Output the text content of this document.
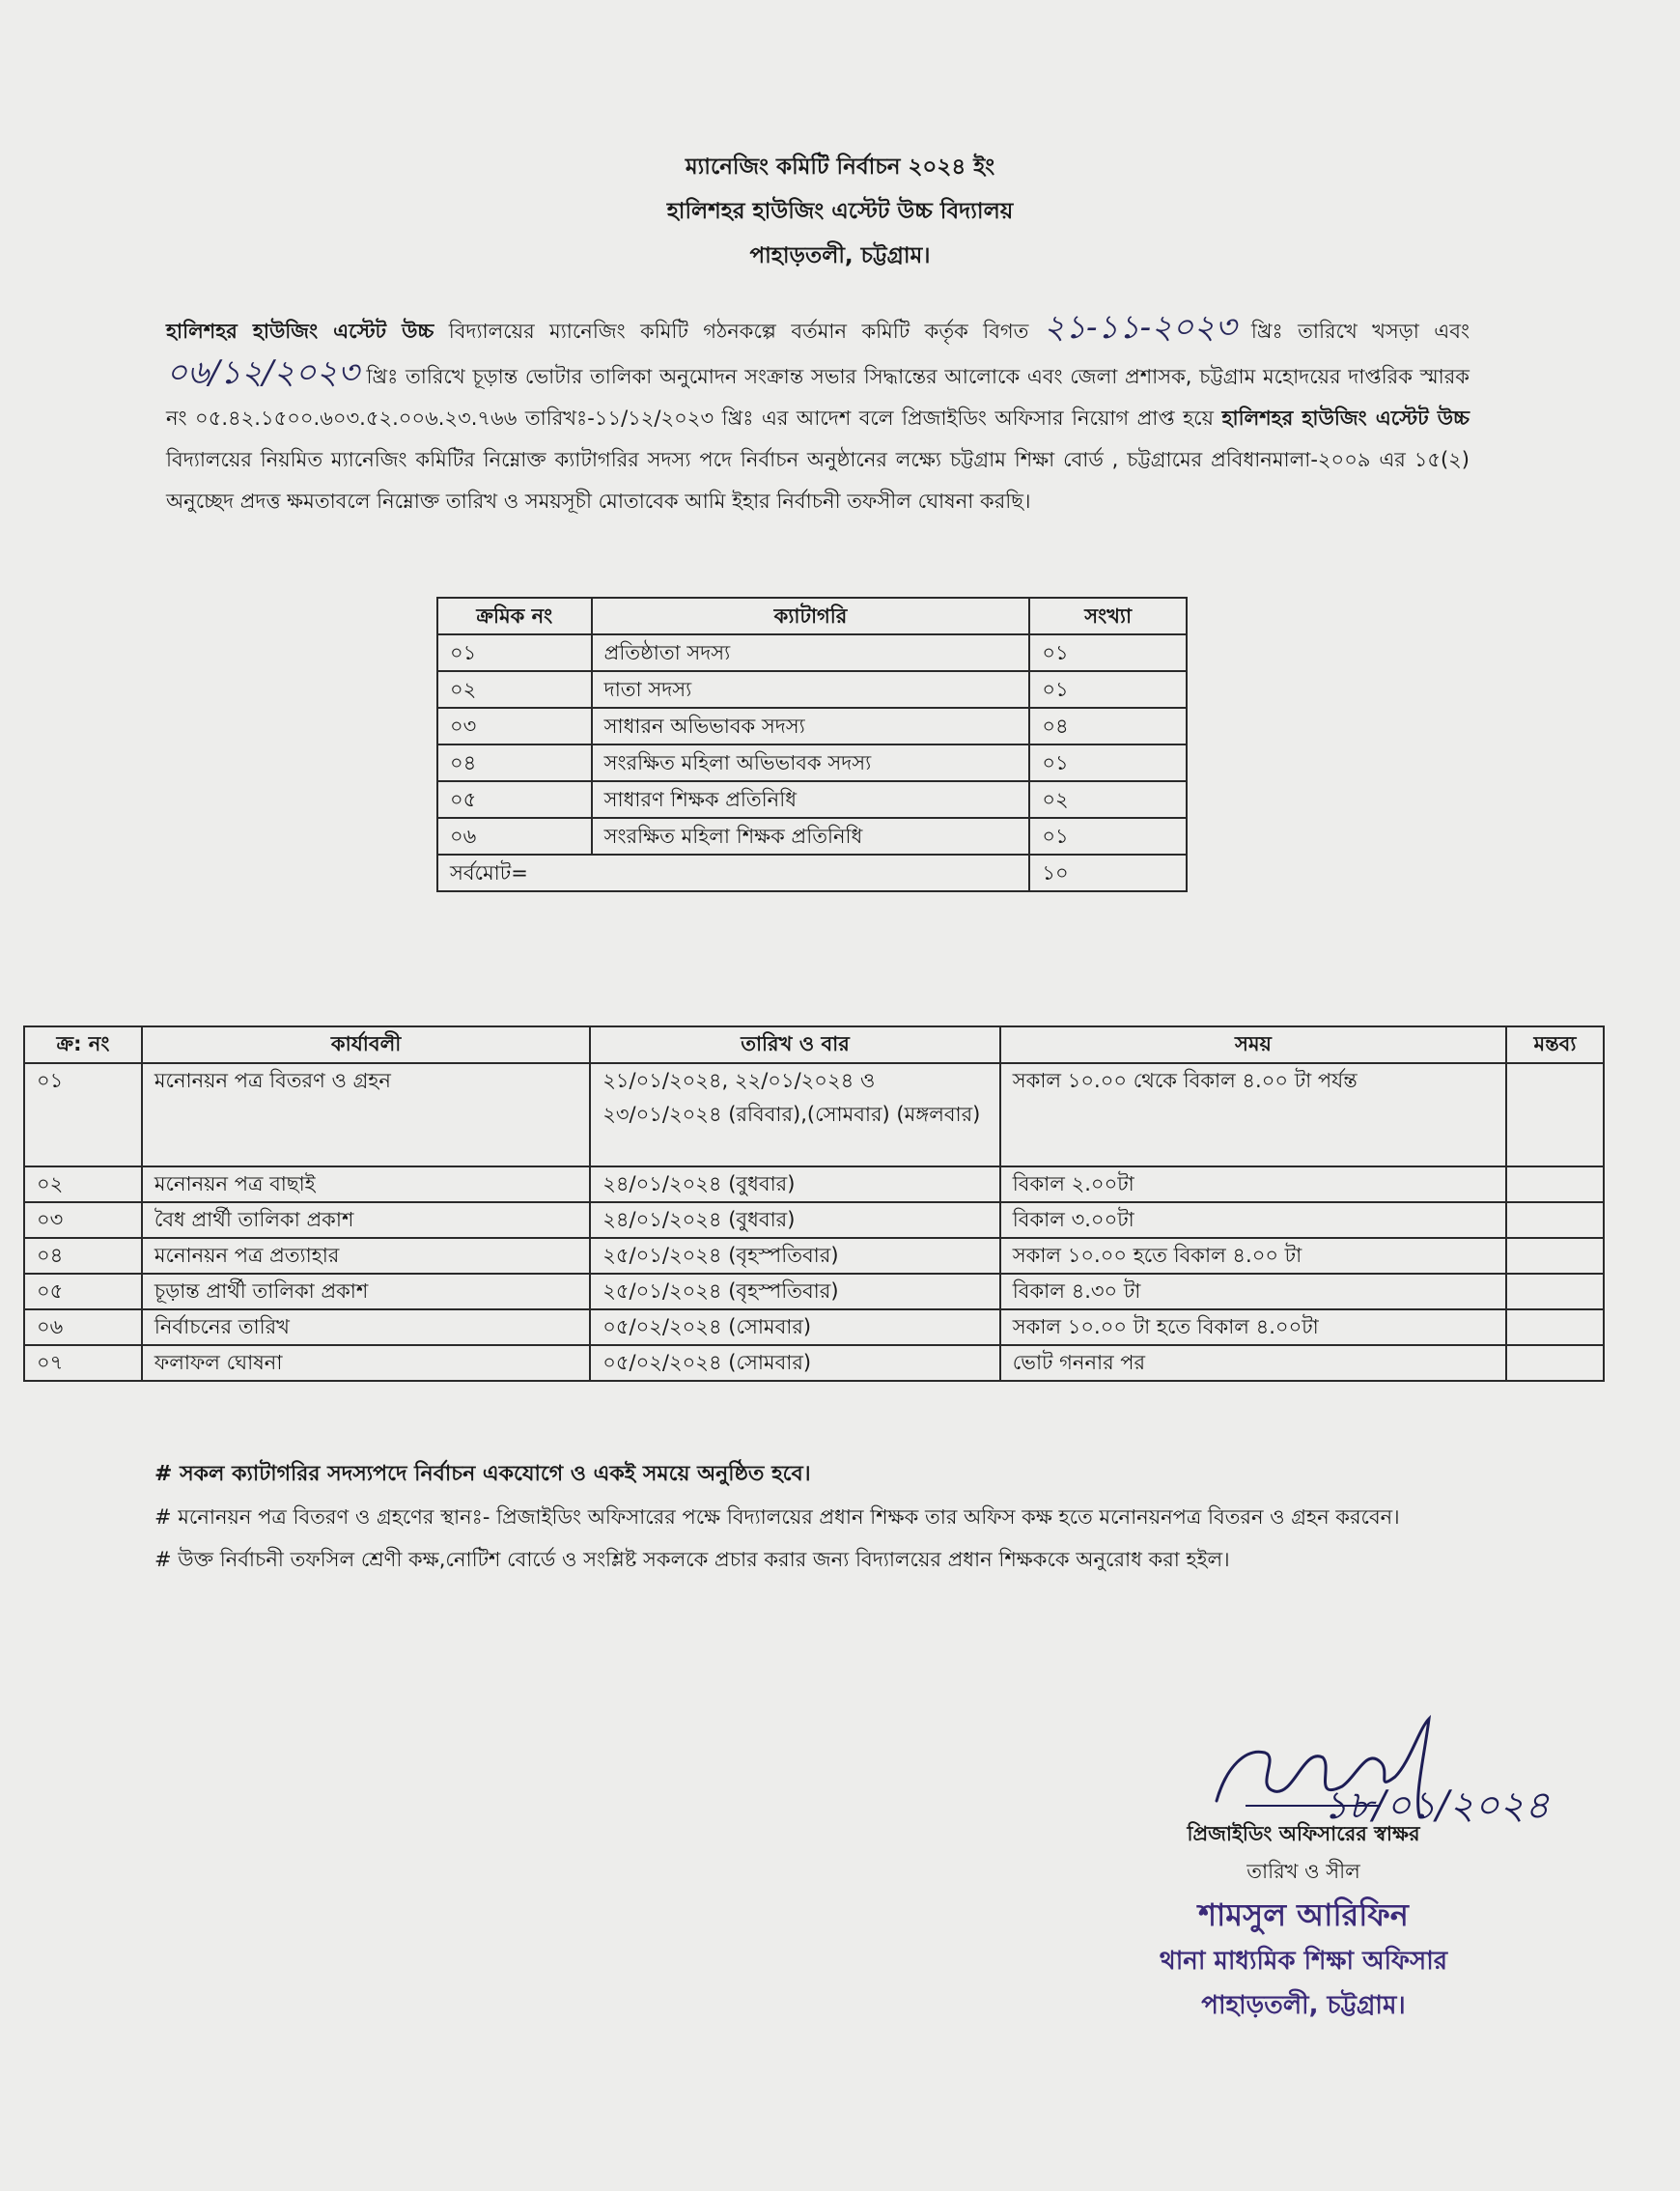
ম্যানেজিং কমিটি নির্বাচন ২০২৪ ইং
হালিশহর হাউজিং এস্টেট উচ্চ বিদ্যালয়
পাহাড়তলী, চট্টগ্রাম।
হালিশহর হাউজিং এস্টেট উচ্চ বিদ্যালয়ের ম্যানেজিং কমিটি গঠনকল্পে বর্তমান কমিটি কর্তৃক বিগত ২১-১১-২০২৩ খ্রিঃ তারিখে খসড়া এবং ০৬/১২/২০২৩ খ্রিঃ তারিখে চূড়ান্ত ভোটার তালিকা অনুমোদন সংক্রান্ত সভার সিদ্ধান্তের আলোকে এবং জেলা প্রশাসক, চট্টগ্রাম মহোদয়ের দাপ্তরিক স্মারক নং ০৫.৪২.১৫০০.৬০৩.৫২.০০৬.২৩.৭৬৬ তারিখঃ-১১/১২/২০২৩ খ্রিঃ এর আদেশ বলে প্রিজাইডিং অফিসার নিয়োগ প্রাপ্ত হয়ে হালিশহর হাউজিং এস্টেট উচ্চ বিদ্যালয়ের নিয়মিত ম্যানেজিং কমিটির নিম্নোক্ত ক্যাটাগরির সদস্য পদে নির্বাচন অনুষ্ঠানের লক্ষ্যে চট্টগ্রাম শিক্ষা বোর্ড , চট্টগ্রামের প্রবিধানমালা-২০০৯ এর ১৫(২) অনুচ্ছেদ প্রদত্ত ক্ষমতাবলে নিম্নোক্ত তারিখ ও সময়সূচী মোতাবেক আমি ইহার নির্বাচনী তফসীল ঘোষনা করছি।
ক্রমিক নং	ক্যাটাগরি	সংখ্যা
০১	প্রতিষ্ঠাতা সদস্য	০১
০২	দাতা সদস্য	০১
০৩	সাধারন অভিভাবক সদস্য	০৪
০৪	সংরক্ষিত মহিলা অভিভাবক সদস্য	০১
০৫	সাধারণ শিক্ষক প্রতিনিধি	০২
০৬	সংরক্ষিত মহিলা শিক্ষক প্রতিনিধি	০১
সর্বমোট=		১০
ক্র: নং	কার্যাবলী	তারিখ ও বার	সময়	মন্তব্য
০১	মনোনয়ন পত্র বিতরণ ও গ্রহন	২১/০১/২০২৪, ২২/০১/২০২৪ ও ২৩/০১/২০২৪ (রবিবার),(সোমবার) (মঙ্গলবার)	সকাল ১০.০০ থেকে বিকাল ৪.০০ টা পর্যন্ত	
০২	মনোনয়ন পত্র বাছাই	২৪/০১/২০২৪ (বুধবার)	বিকাল ২.০০টা	
০৩	বৈধ প্রার্থী তালিকা প্রকাশ	২৪/০১/২০২৪ (বুধবার)	বিকাল ৩.০০টা	
০৪	মনোনয়ন পত্র প্রত্যাহার	২৫/০১/২০২৪ (বৃহস্পতিবার)	সকাল ১০.০০ হতে বিকাল ৪.০০ টা	
০৫	চূড়ান্ত প্রার্থী তালিকা প্রকাশ	২৫/০১/২০২৪ (বৃহস্পতিবার)	বিকাল ৪.৩০ টা	
০৬	নির্বাচনের তারিখ	০৫/০২/২০২৪ (সোমবার)	সকাল ১০.০০ টা হতে বিকাল ৪.০০টা	
০৭	ফলাফল ঘোষনা	০৫/০২/২০২৪ (সোমবার)	ভোট গননার পর	
# সকল ক্যাটাগরির সদস্যপদে নির্বাচন একযোগে ও একই সময়ে অনুষ্ঠিত হবে।
# মনোনয়ন পত্র বিতরণ ও গ্রহণের স্থানঃ- প্রিজাইডিং অফিসারের পক্ষে বিদ্যালয়ের প্রধান শিক্ষক তার অফিস কক্ষ হতে মনোনয়নপত্র বিতরন ও গ্রহন করবেন।
# উক্ত নির্বাচনী তফসিল শ্রেণী কক্ষ,নোটিশ বোর্ডে ও সংশ্লিষ্ট সকলকে প্রচার করার জন্য বিদ্যালয়ের প্রধান শিক্ষককে অনুরোধ করা হইল।
১৮/০১/২০২৪
প্রিজাইডিং অফিসারের স্বাক্ষর
তারিখ ও সীল
শামসুল আরিফিন
থানা মাধ্যমিক শিক্ষা অফিসার
পাহাড়তলী, চট্টগ্রাম।
